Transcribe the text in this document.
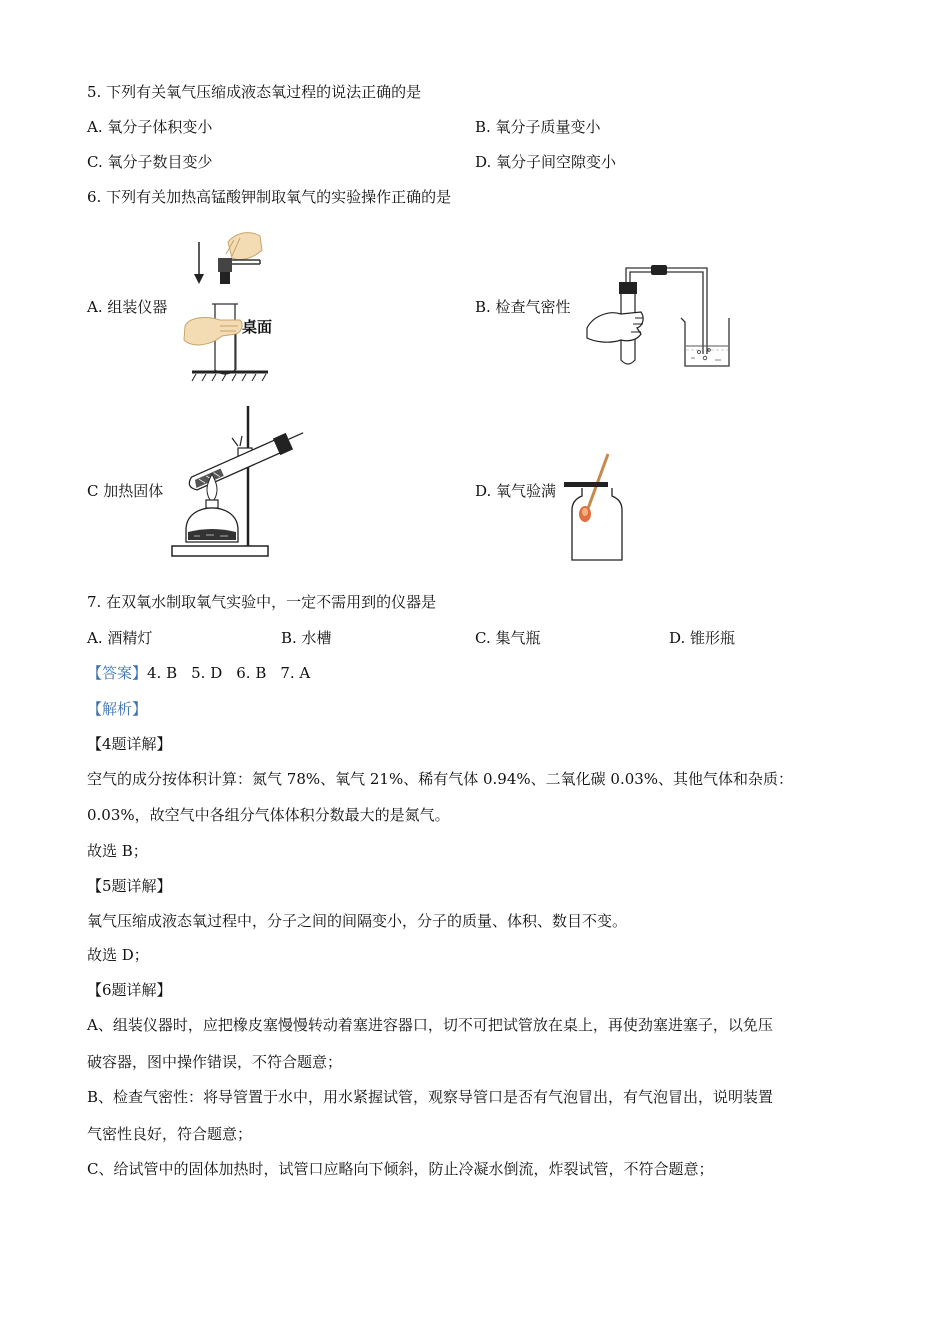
5. 下列有关氧气压缩成液态氧过程的说法正确的是
A. 氧分子体积变小	B. 氧分子质量变小
C. 氧分子数目变少	D. 氧分子间空隙变小
6. 下列有关加热高锰酸钾制取氧气的实验操作正确的是
A. 组装仪器	B. 检查气密性
C 加热固体	D. 氧气验满
桌面
7. 在双氧水制取氧气实验中，一定不需用到的仪器是
A. 酒精灯	B. 水槽	C. 集气瓶	D. 锥形瓶
【答案】4. B 5. D 6. B 7. A
【解析】
【4题详解】
空气的成分按体积计算：氮气 78%、氧气 21%、稀有气体 0.94%、二氧化碳 0.03%、其他气体和杂质：
0.03%，故空气中各组分气体体积分数最大的是氮气。
故选 B；
【5题详解】
氧气压缩成液态氧过程中，分子之间的间隔变小，分子的质量、体积、数目不变。
故选 D；
【6题详解】
A、组装仪器时，应把橡皮塞慢慢转动着塞进容器口，切不可把试管放在桌上，再使劲塞进塞子，以免压
破容器，图中操作错误，不符合题意；
B、检查气密性：将导管置于水中，用水紧握试管，观察导管口是否有气泡冒出，有气泡冒出，说明装置
气密性良好，符合题意；
C、给试管中的固体加热时，试管口应略向下倾斜，防止冷凝水倒流，炸裂试管，不符合题意；
